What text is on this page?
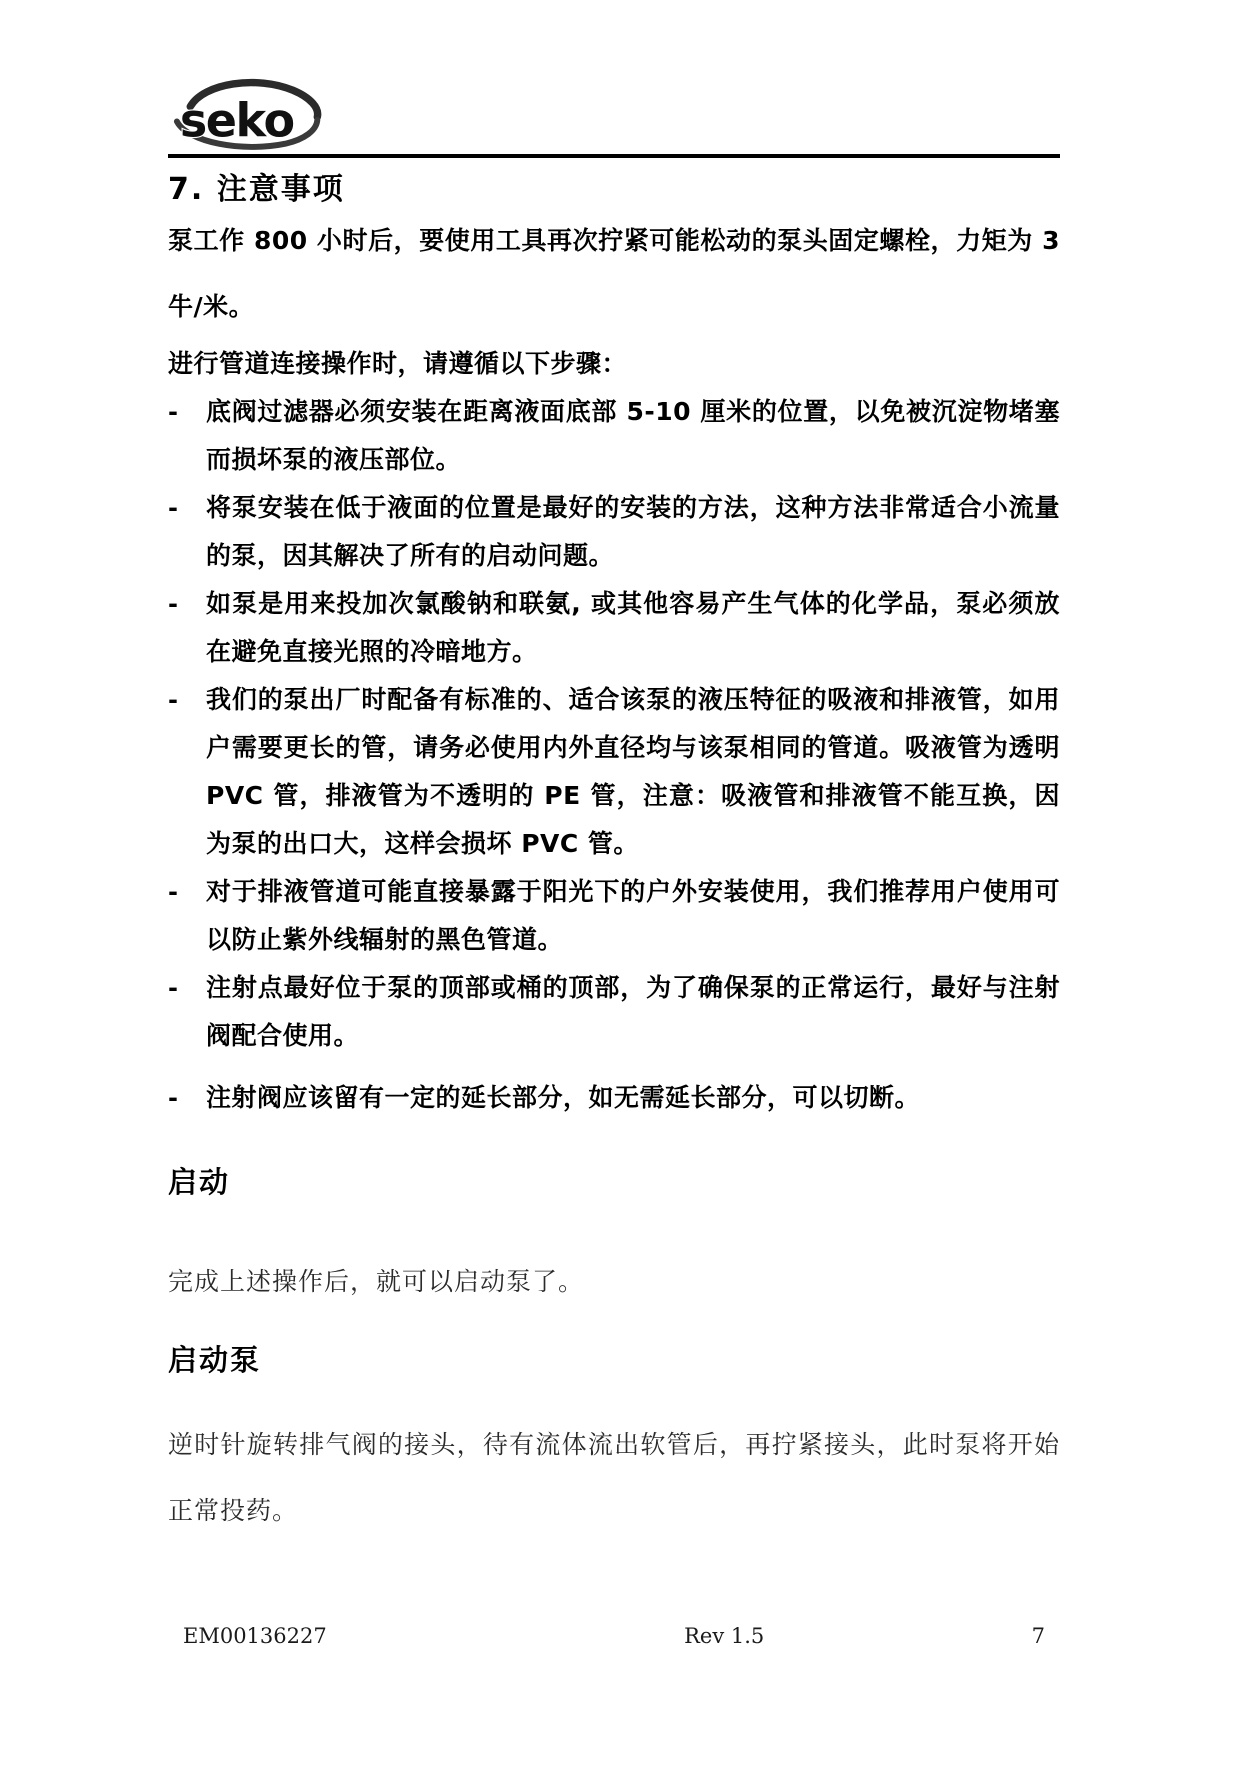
seko
7. 注意事项

泵工作 800 小时后，要使用工具再次拧紧可能松动的泵头固定螺栓，力矩为 3 牛/米。

进行管道连接操作时，请遵循以下步骤：

-	底阀过滤器必须安装在距离液面底部 5-10 厘米的位置，以免被沉淀物堵塞而损坏泵的液压部位。

-	将泵安装在低于液面的位置是最好的安装的方法，这种方法非常适合小流量的泵，因其解决了所有的启动问题。

-	如泵是用来投加次氯酸钠和联氨, 或其他容易产生气体的化学品，泵必须放在避免直接光照的冷暗地方。

-	我们的泵出厂时配备有标准的、适合该泵的液压特征的吸液和排液管，如用户需要更长的管，请务必使用内外直径均与该泵相同的管道。吸液管为透明 PVC 管，排液管为不透明的 PE 管，注意：吸液管和排液管不能互换，因为泵的出口大，这样会损坏 PVC 管。

-	对于排液管道可能直接暴露于阳光下的户外安装使用，我们推荐用户使用可以防止紫外线辐射的黑色管道。

-	注射点最好位于泵的顶部或桶的顶部，为了确保泵的正常运行，最好与注射阀配合使用。

-	注射阀应该留有一定的延长部分，如无需延长部分，可以切断。

启动

完成上述操作后，就可以启动泵了。

启动泵

逆时针旋转排气阀的接头，待有流体流出软管后，再拧紧接头，此时泵将开始正常投药。

EM00136227	Rev 1.5	7
